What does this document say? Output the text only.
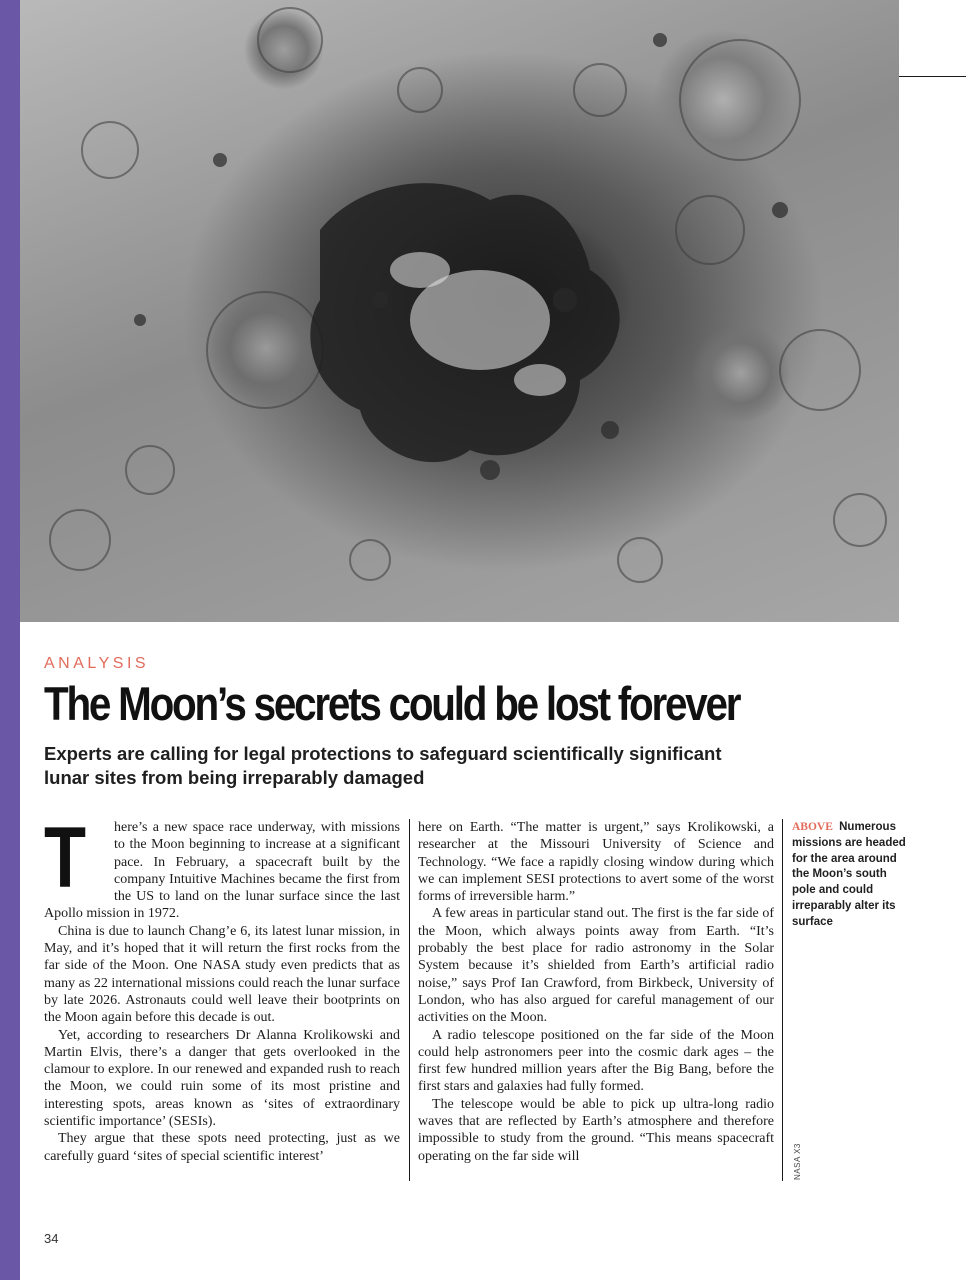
ANALYSIS
The Moon’s secrets could be lost forever
Experts are calling for legal protections to safeguard scientifically significant lunar sites from being irreparably damaged
T	here’s a new space race underway, with missions to the Moon beginning to increase at a significant pace. In February, a spacecraft built by the company Intuitive Machines became the first from the US to land on the lunar surface since the last Apollo mission in 1972.

China is due to launch Chang’e 6, its latest lunar mission, in May, and it’s hoped that it will return the first rocks from the far side of the Moon. One NASA study even predicts that as many as 22 international missions could reach the lunar surface by late 2026. Astronauts could well leave their bootprints on the Moon again before this decade is out.

Yet, according to researchers Dr Alanna Krolikowski and Martin Elvis, there’s a danger that gets overlooked in the clamour to explore. In our renewed and expanded rush to reach the Moon, we could ruin some of its most pristine and interesting spots, areas known as ‘sites of extraordinary scientific importance’ (SESIs).

They argue that these spots need protecting, just as we carefully guard ‘sites of special scientific interest’

here on Earth. “The matter is urgent,” says Krolikowski, a researcher at the Missouri University of Science and Technology. “We face a rapidly closing window during which we can implement SESI protections to avert some of the worst forms of irreversible harm.”

A few areas in particular stand out. The first is the far side of the Moon, which always points away from Earth. “It’s probably the best place for radio astronomy in the Solar System because it’s shielded from Earth’s artificial radio noise,” says Prof Ian Crawford, from Birkbeck, University of London, who has also argued for careful management of our activities on the Moon.

A radio telescope positioned on the far side of the Moon could help astronomers peer into the cosmic dark ages – the first few hundred million years after the Big Bang, before the first stars and galaxies had fully formed.

The telescope would be able to pick up ultra-long radio waves that are reflected by Earth’s atmosphere and therefore impossible to study from the ground. “This means spacecraft operating on the far side will

ABOVE Numerous missions are headed for the area around the Moon’s south pole and could irreparably alter its surface
NASA X3
34
